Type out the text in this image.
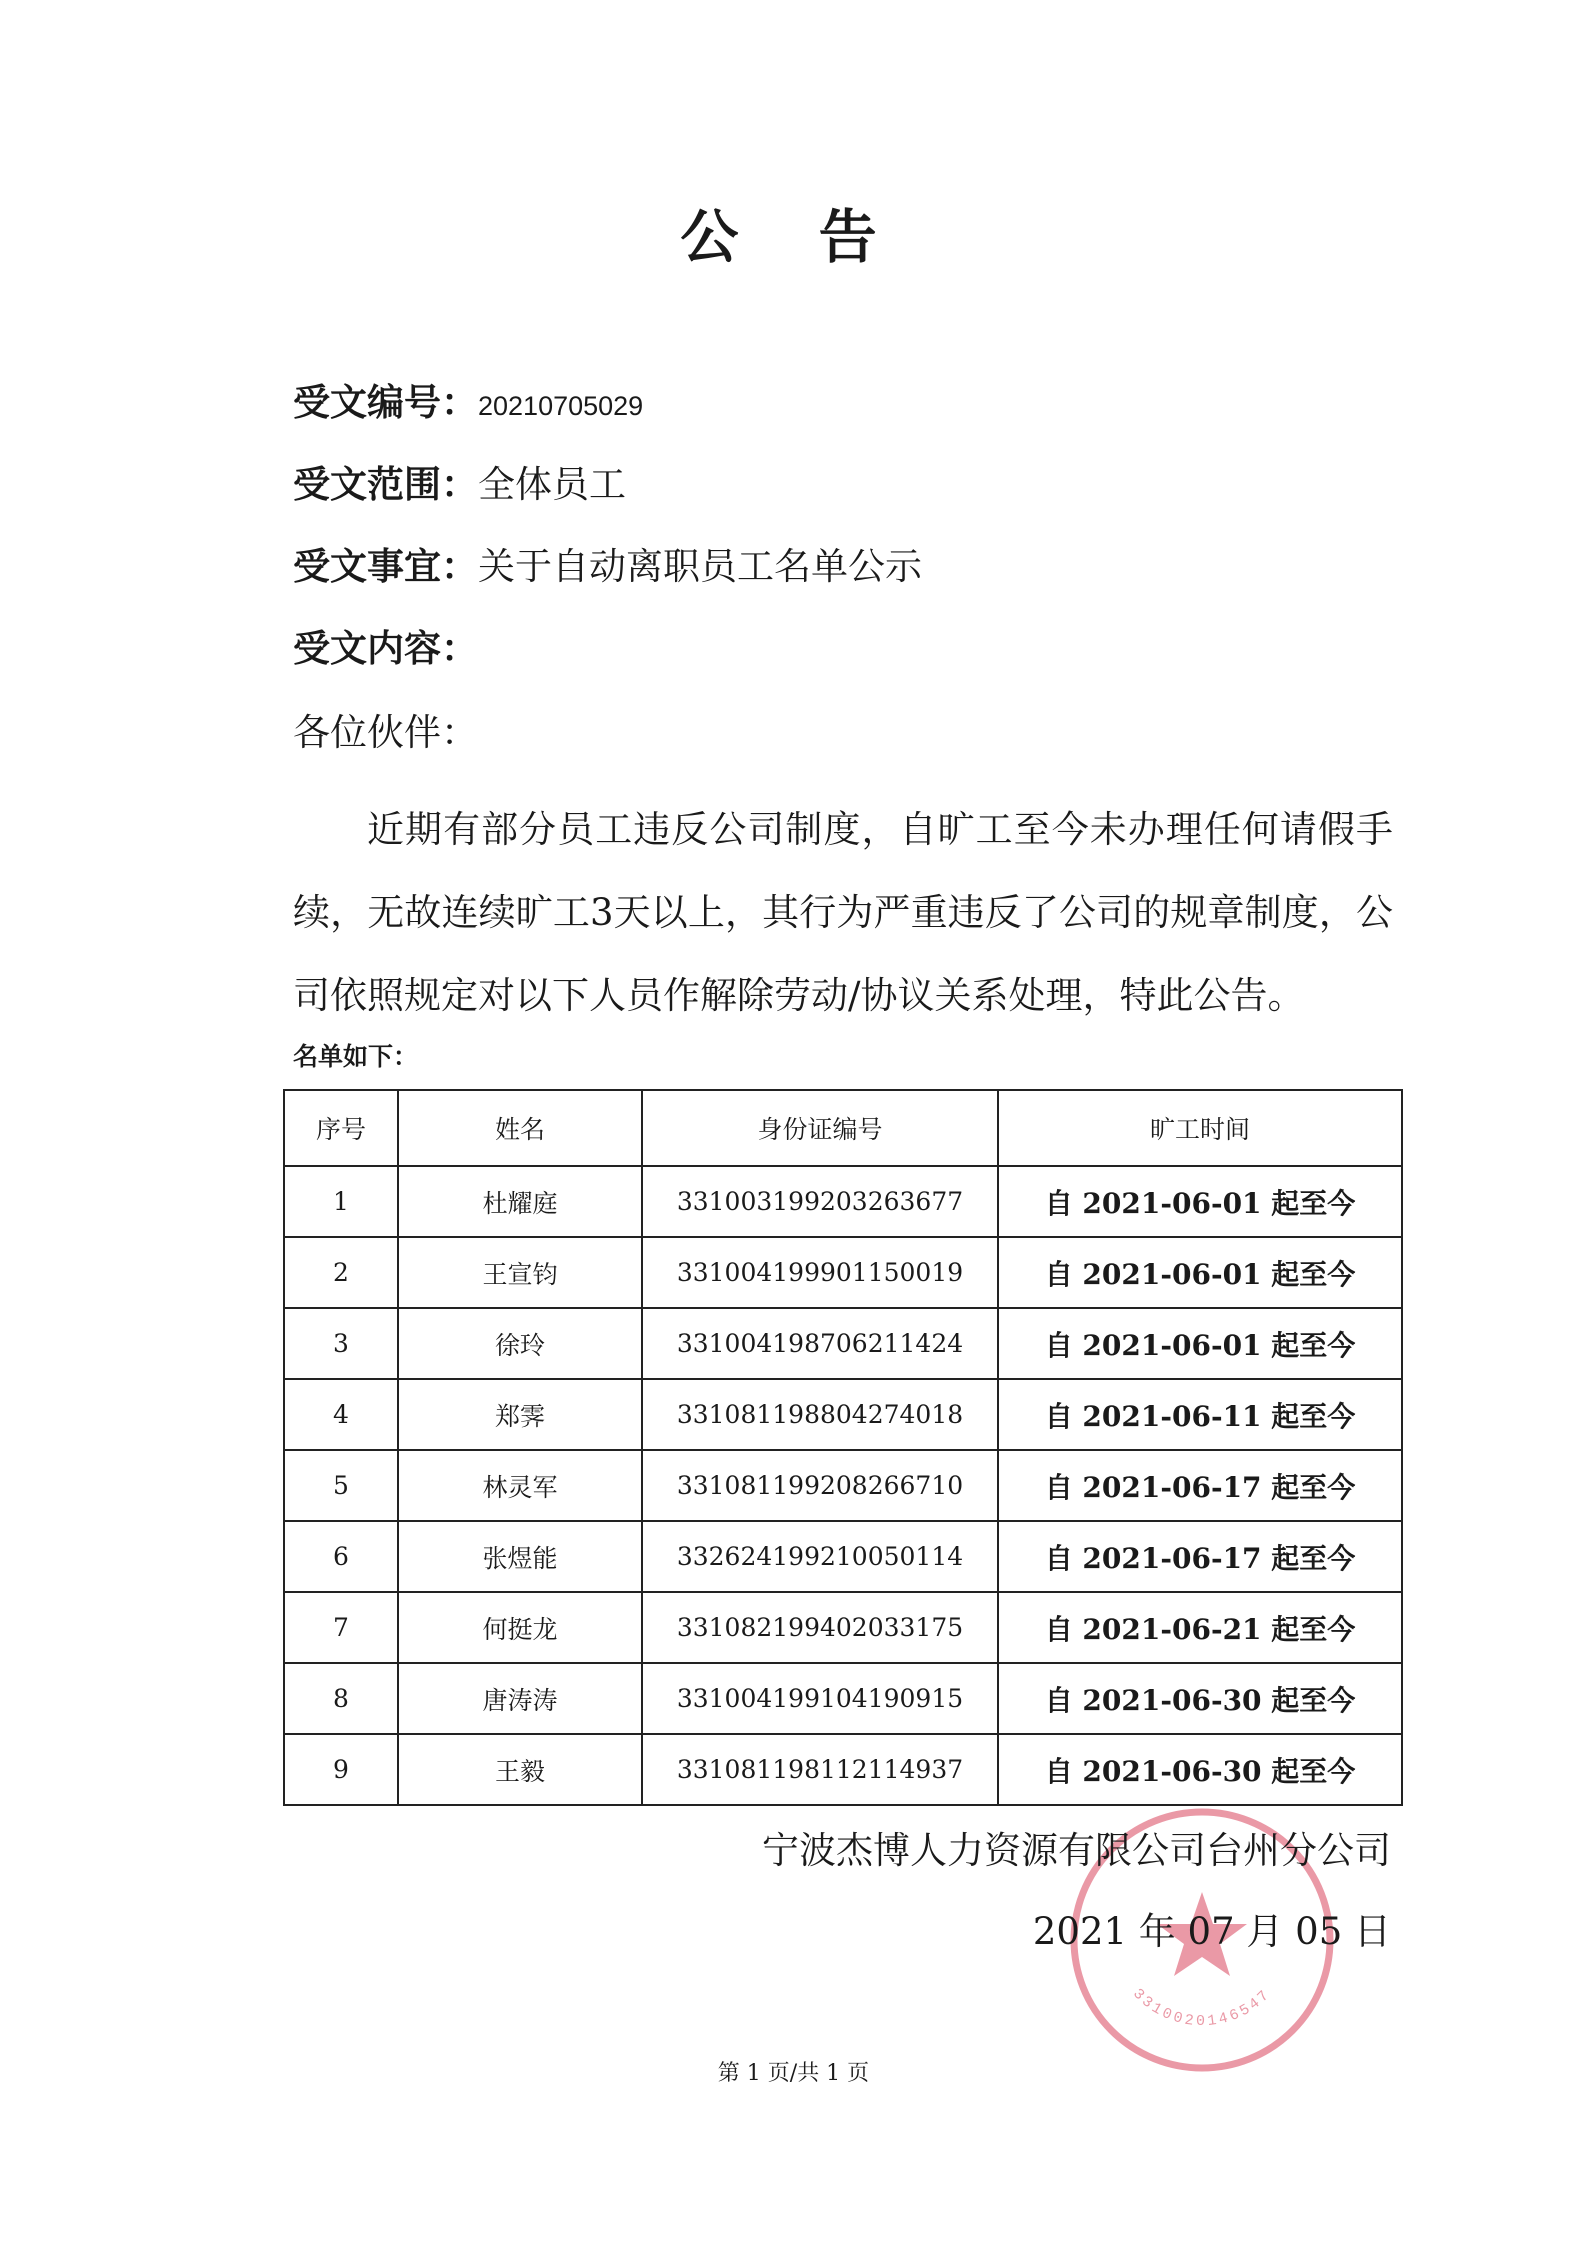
公 告
受文编号：20210705029
受文范围：全体员工
受文事宜：关于自动离职员工名单公示
受文内容：
各位伙伴：
近期有部分员工违反公司制度，自旷工至今未办理任何请假手续，无故连续旷工3天以上，其行为严重违反了公司的规章制度，公司依照规定对以下人员作解除劳动/协议关系处理，特此公告。
名单如下：
序号	姓名	身份证编号	旷工时间
1	杜耀庭	331003199203263677	自 2021-06-01 起至今
2	王宣钧	331004199901150019	自 2021-06-01 起至今
3	徐玲	331004198706211424	自 2021-06-01 起至今
4	郑霁	331081198804274018	自 2021-06-11 起至今
5	林灵军	331081199208266710	自 2021-06-17 起至今
6	张煜能	332624199210050114	自 2021-06-17 起至今
7	何挺龙	331082199402033175	自 2021-06-21 起至今
8	唐涛涛	331004199104190915	自 2021-06-30 起至今
9	王毅	331081198112114937	自 2021-06-30 起至今
3310020146547
宁波杰博人力资源有限公司台州分公司
2021 年 07 月 05 日
第 1 页/共 1 页
